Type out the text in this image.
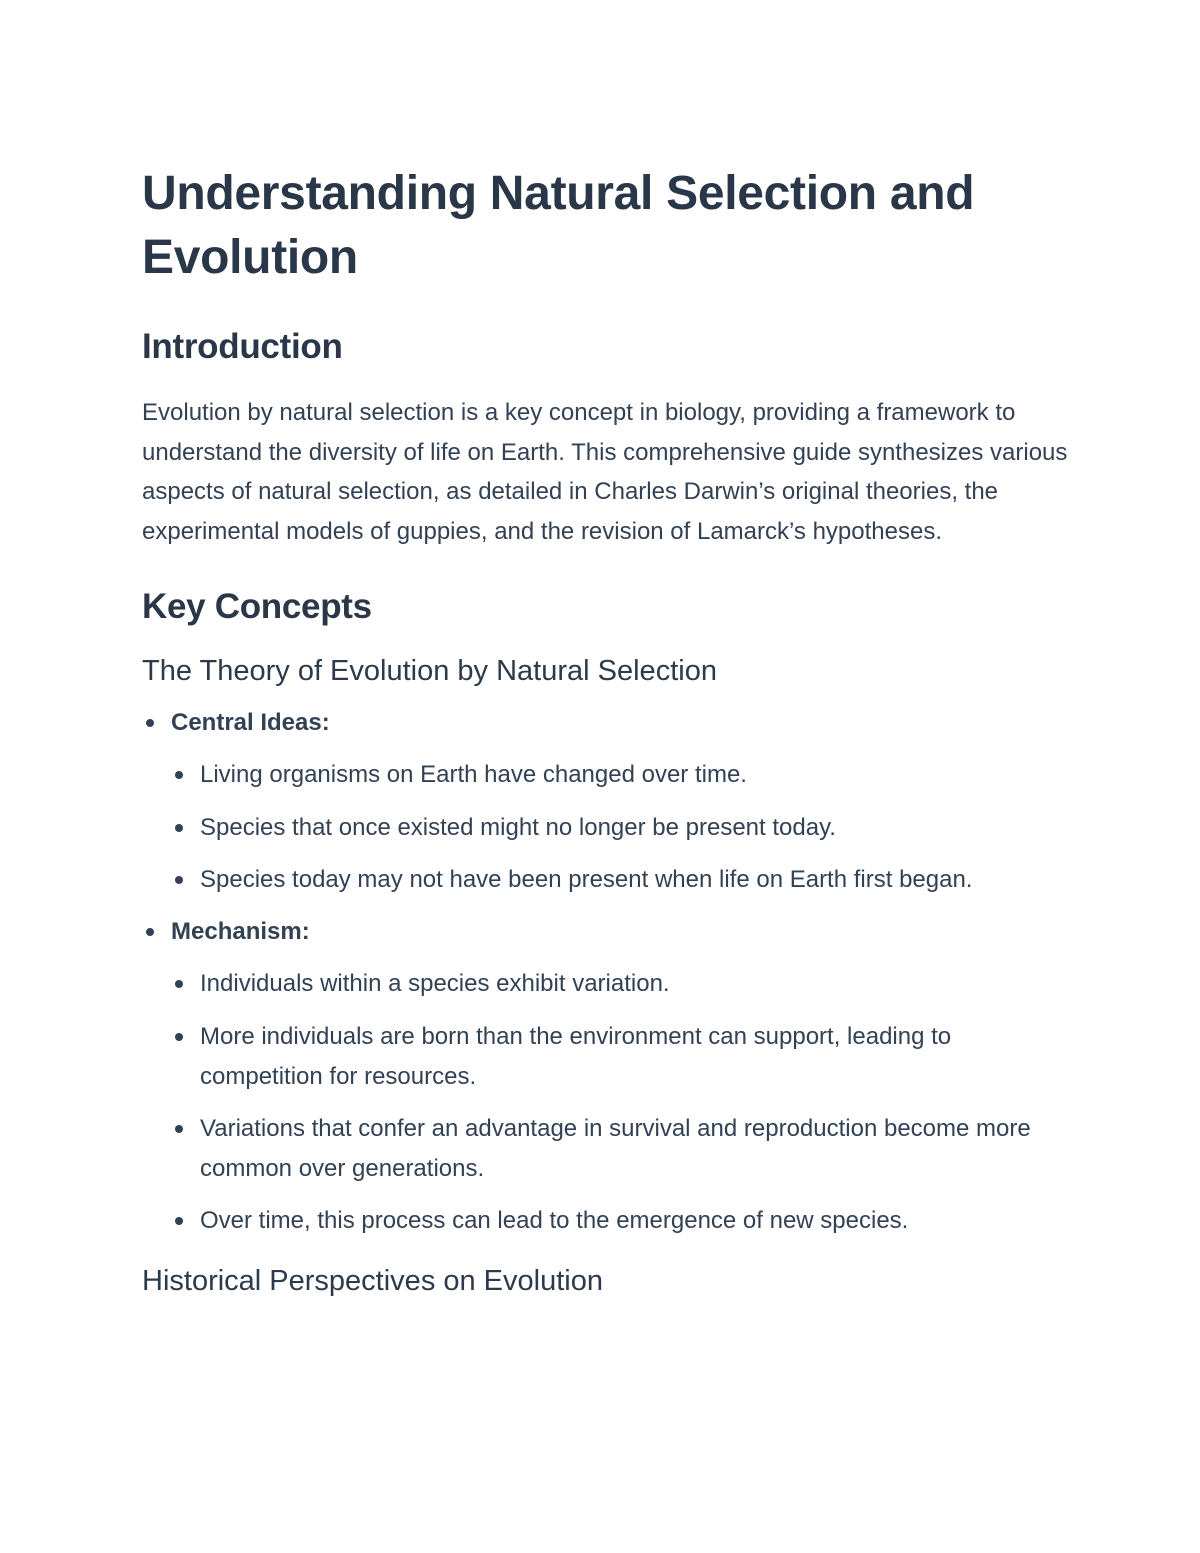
Understanding Natural Selection and Evolution
Introduction

Evolution by natural selection is a key concept in biology, providing a framework to understand the diversity of life on Earth. This comprehensive guide synthesizes various aspects of natural selection, as detailed in Charles Darwin’s original theories, the experimental models of guppies, and the revision of Lamarck’s hypotheses.

Key Concepts
The Theory of Evolution by Natural Selection
Central Ideas:
Living organisms on Earth have changed over time.
Species that once existed might no longer be present today.
Species today may not have been present when life on Earth first began.
Mechanism:
Individuals within a species exhibit variation.
More individuals are born than the environment can support, leading to competition for resources.
Variations that confer an advantage in survival and reproduction become more common over generations.
Over time, this process can lead to the emergence of new species.
Historical Perspectives on Evolution
